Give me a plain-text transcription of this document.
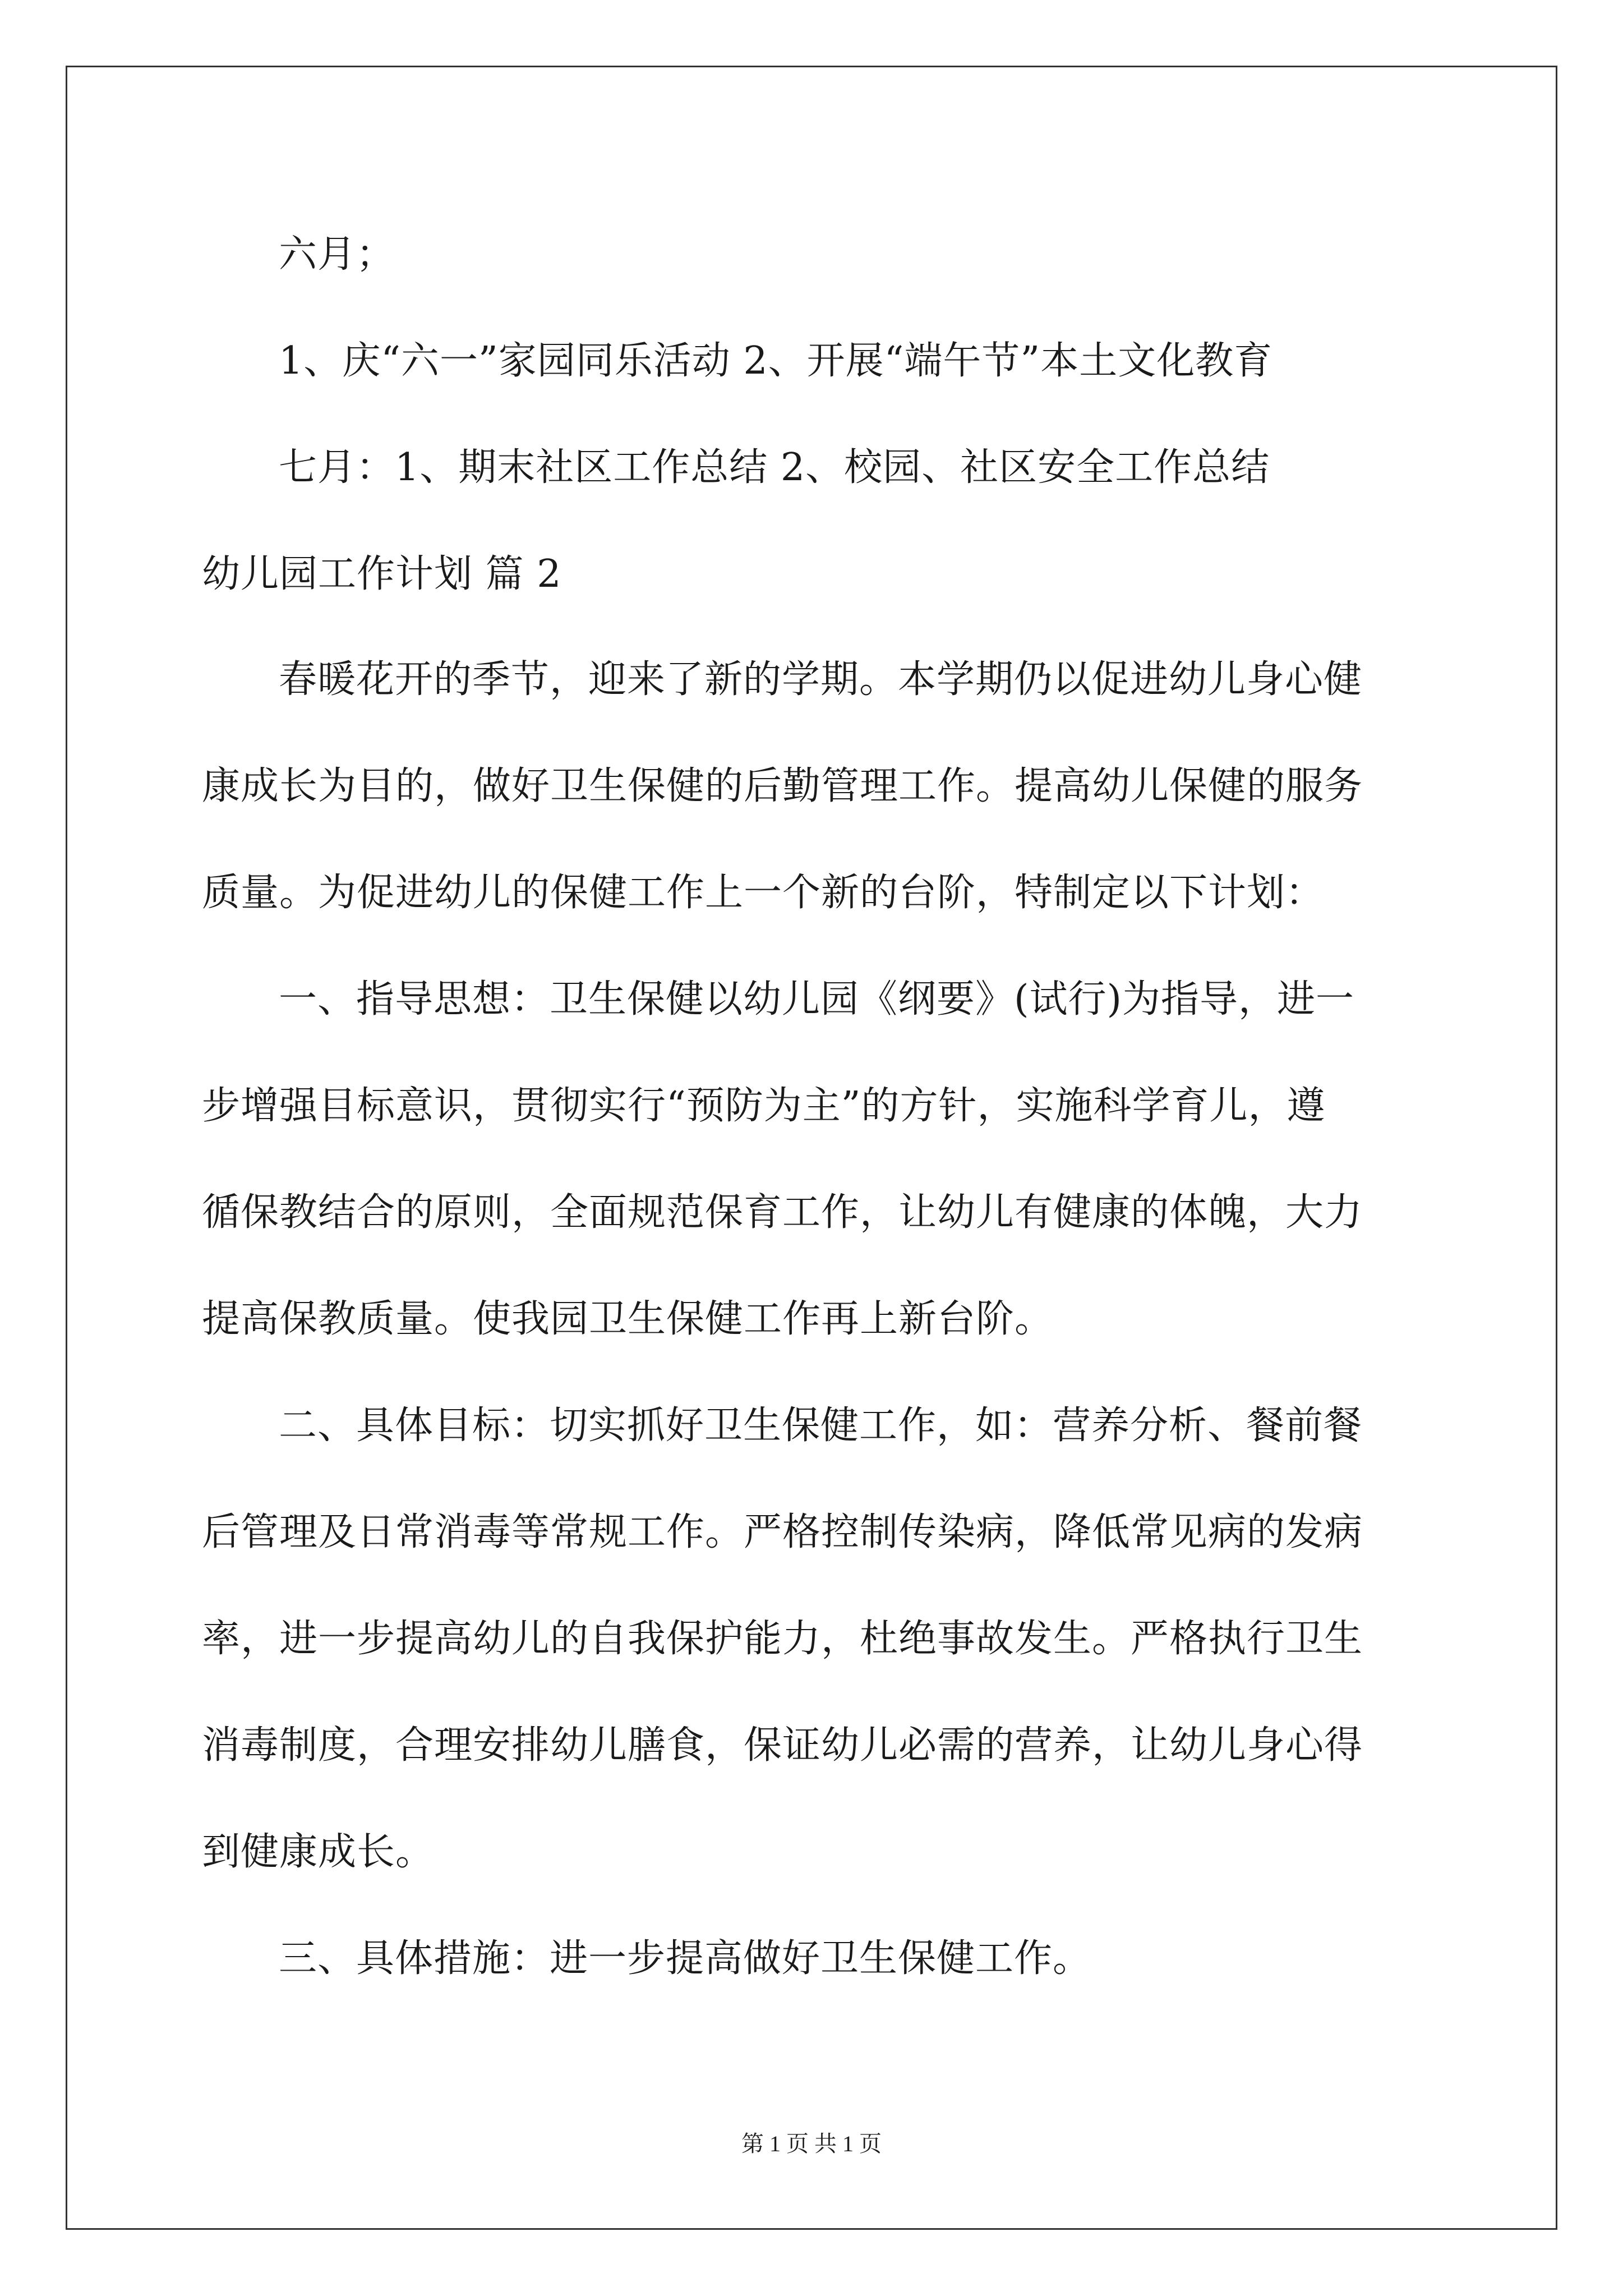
六月；
1、庆“六一”家园同乐活动 2、开展“端午节”本土文化教育
七月：1、期末社区工作总结 2、校园、社区安全工作总结
幼儿园工作计划 篇 2
春暖花开的季节，迎来了新的学期。本学期仍以促进幼儿身心健
康成长为目的，做好卫生保健的后勤管理工作。提高幼儿保健的服务
质量。为促进幼儿的保健工作上一个新的台阶，特制定以下计划：
一、指导思想：卫生保健以幼儿园《纲要》(试行)为指导，进一
步增强目标意识，贯彻实行“预防为主”的方针，实施科学育儿，遵
循保教结合的原则，全面规范保育工作，让幼儿有健康的体魄，大力
提高保教质量。使我园卫生保健工作再上新台阶。
二、具体目标：切实抓好卫生保健工作，如：营养分析、餐前餐
后管理及日常消毒等常规工作。严格控制传染病，降低常见病的发病
率，进一步提高幼儿的自我保护能力，杜绝事故发生。严格执行卫生
消毒制度，合理安排幼儿膳食，保证幼儿必需的营养，让幼儿身心得
到健康成长。
三、具体措施：进一步提高做好卫生保健工作。
第 1 页 共 1 页
